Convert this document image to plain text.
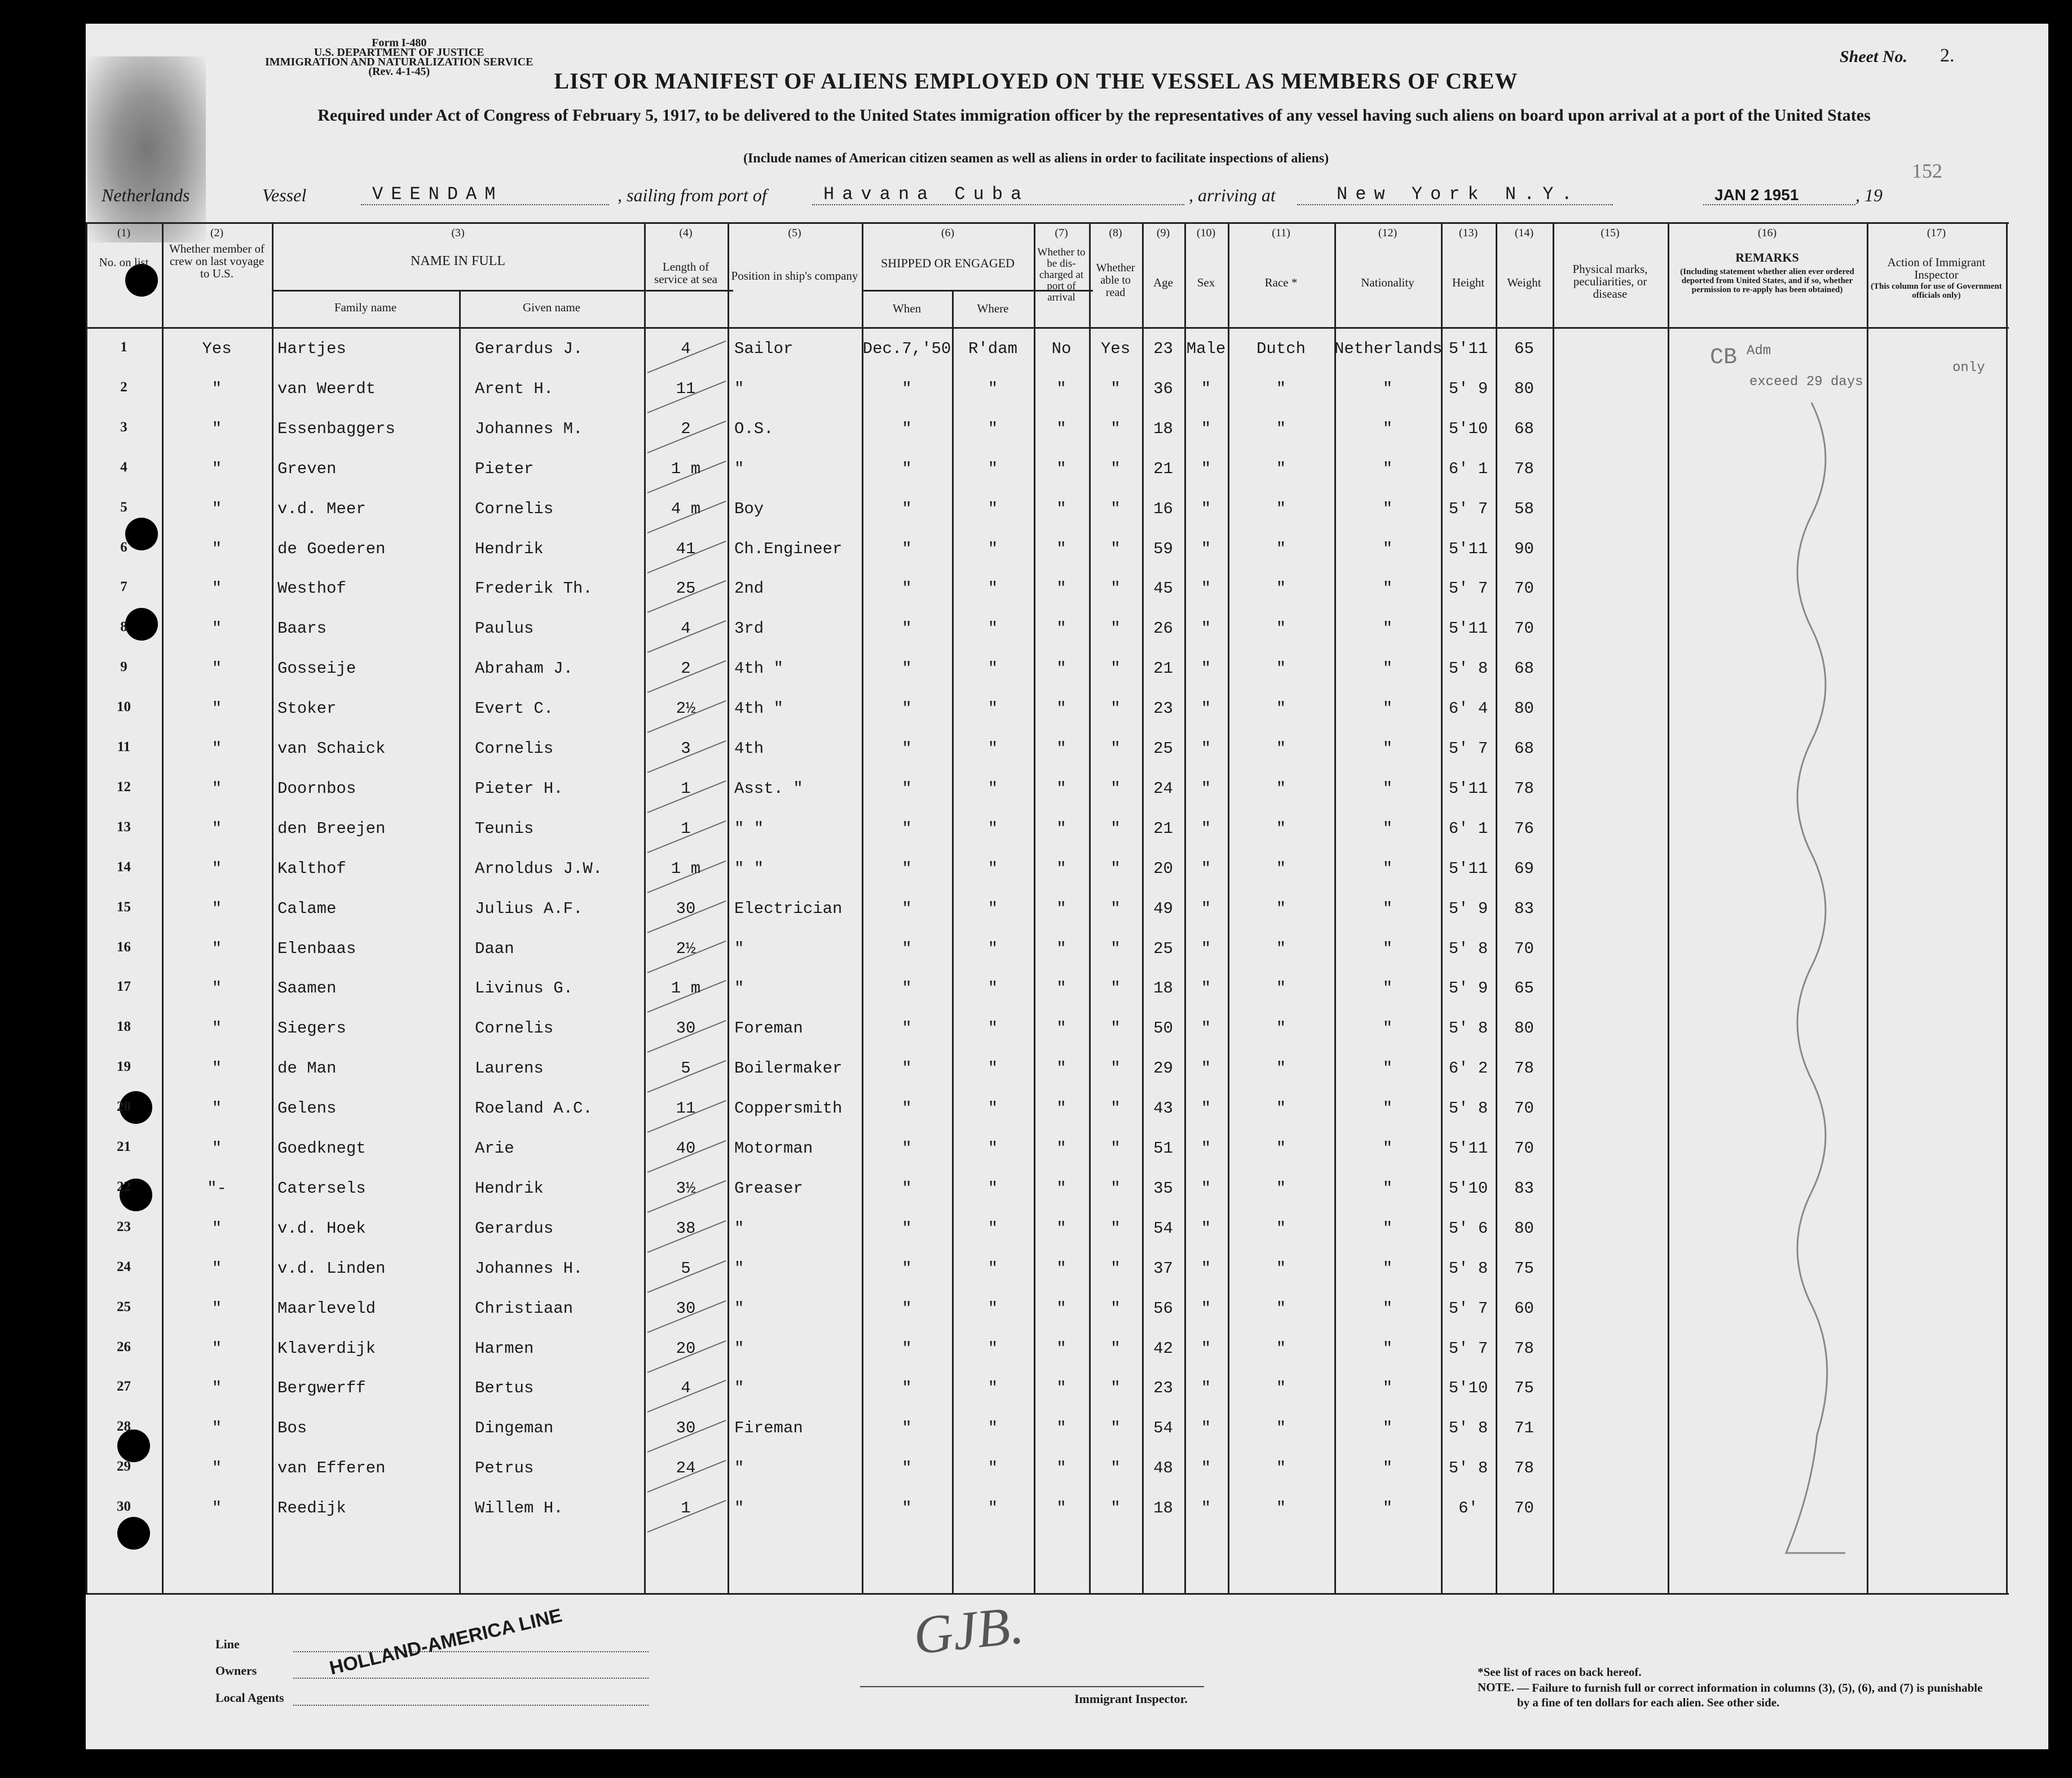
Form I-480
U.S. DEPARTMENT OF JUSTICE
IMMIGRATION AND NATURALIZATION SERVICE
(Rev. 4-1-45)
Sheet No. 2.
LIST OR MANIFEST OF ALIENS EMPLOYED ON THE VESSEL AS MEMBERS OF CREW
Required under Act of Congress of February 5, 1917, to be delivered to the United States immigration officer by the representatives of any vessel having such aliens on board upon arrival at a port of the United States
(Include names of American citizen seamen as well as aliens in order to facilitate inspections of aliens)
152
Netherlands	Vessel	VEENDAM	, sailing from port of	Havana Cuba	, arriving at	New York N.Y.	JAN 2 1951	, 19
(1)	(2)	(3)	(4)	(5)	(6)	(7)	(8)	(9)	(10)	(11)	(12)	(13)	(14)	(15)	(16)	(17)
No. on list
Whether member of crew on last voyage to U.S.
NAME IN FULL
Family name	Given name
Length of service at sea	Position in ship's company
SHIPPED OR ENGAGED
When	Where
Whether to be dis-charged at port of arrival
Whether able to read
Age	Sex	Race *	Nationality	Height	Weight
Physical marks, peculiarities, or disease
REMARKS
(Including statement whether alien ever ordered deported from United States, and if so, whether permission to re-apply has been obtained)
Action of Immigrant Inspector
(This column for use of Government officials only)
1	Yes	Hartjes	Gerardus J.	4	Sailor	Dec.7,'50	R'dam	No	Yes	23 Male	Dutch	Netherlands 5'11	65
2	"	van Weerdt	Arent H.	11	"	"	"	"	"	36	"	"	"	5' 9	80
3	"	Essenbaggers	Johannes M.	2	O.S.	"	"	"	"	18	"	"	"	5'10	68
4	"	Greven	Pieter	1 m	"	"	"	"	"	21	"	"	"	6' 1	78
5	"	v.d. Meer	Cornelis	4 m	Boy	"	"	"	"	16	"	"	"	5' 7	58
6	"	de Goederen	Hendrik	41	Ch.Engineer	"	"	"	"	59	"	"	"	5'11	90
7	"	Westhof	Frederik Th.	25	2nd	"	"	"	"	45	"	"	"	5' 7	70
8	"	Baars	Paulus	4	3rd	"	"	"	"	26	"	"	"	5'11	70
9	"	Gosseije	Abraham J.	2	4th "	"	"	"	"	21	"	"	"	5' 8	68
10	"	Stoker	Evert C.	2½	4th "	"	"	"	"	23	"	"	"	6' 4	80
11	"	van Schaick	Cornelis	3	4th	"	"	"	"	25	"	"	"	5' 7	68
12	"	Doornbos	Pieter H.	1	Asst. "	"	"	"	"	24	"	"	"	5'11	78
13	"	den Breejen	Teunis	1	" "	"	"	"	"	21	"	"	"	6' 1	76
14	"	Kalthof	Arnoldus J.W.	1 m	" "	"	"	"	"	20	"	"	"	5'11	69
15	"	Calame	Julius A.F.	30	Electrician	"	"	"	"	49	"	"	"	5' 9	83
16	"	Elenbaas	Daan	2½	"	"	"	"	"	25	"	"	"	5' 8	70
17	"	Saamen	Livinus G.	1 m	"	"	"	"	"	18	"	"	"	5' 9	65
18	"	Siegers	Cornelis	30	Foreman	"	"	"	"	50	"	"	"	5' 8	80
19	"	de Man	Laurens	5	Boilermaker	"	"	"	"	29	"	"	"	6' 2	78
20	"	Gelens	Roeland A.C.	11	Coppersmith	"	"	"	"	43	"	"	"	5' 8	70
21	"	Goedknegt	Arie	40	Motorman	"	"	"	"	51	"	"	"	5'11	70
22	"-	Catersels	Hendrik	3½	Greaser	"	"	"	"	35	"	"	"	5'10	83
23	"	v.d. Hoek	Gerardus	38	"	"	"	"	"	54	"	"	"	5' 6	80
24	"	v.d. Linden	Johannes H.	5	"	"	"	"	"	37	"	"	"	5' 8	75
25	"	Maarleveld	Christiaan	30	"	"	"	"	"	56	"	"	"	5' 7	60
26	"	Klaverdijk	Harmen	20	"	"	"	"	"	42	"	"	"	5' 7	78
27	"	Bergwerff	Bertus	4	"	"	"	"	"	23	"	"	"	5'10	75
28	"	Bos	Dingeman	30	Fireman	"	"	"	"	54	"	"	"	5' 8	71
29	"	van Efferen	Petrus	24	"	"	"	"	"	48	"	"	"	5' 8	78
30	"	Reedijk	Willem H.	1	"	"	"	"	"	18	"	"	"	6'	70
CB Adm
exceed 29 days
only
Line
Owners
Local Agents
HOLLAND-AMERICA LINE	GJB.
Immigrant Inspector.
*See list of races on back hereof.
NOTE. — Failure to furnish full or correct information in columns (3), (5), (6), and (7) is punishable by a fine of ten dollars for each alien. See other side.
